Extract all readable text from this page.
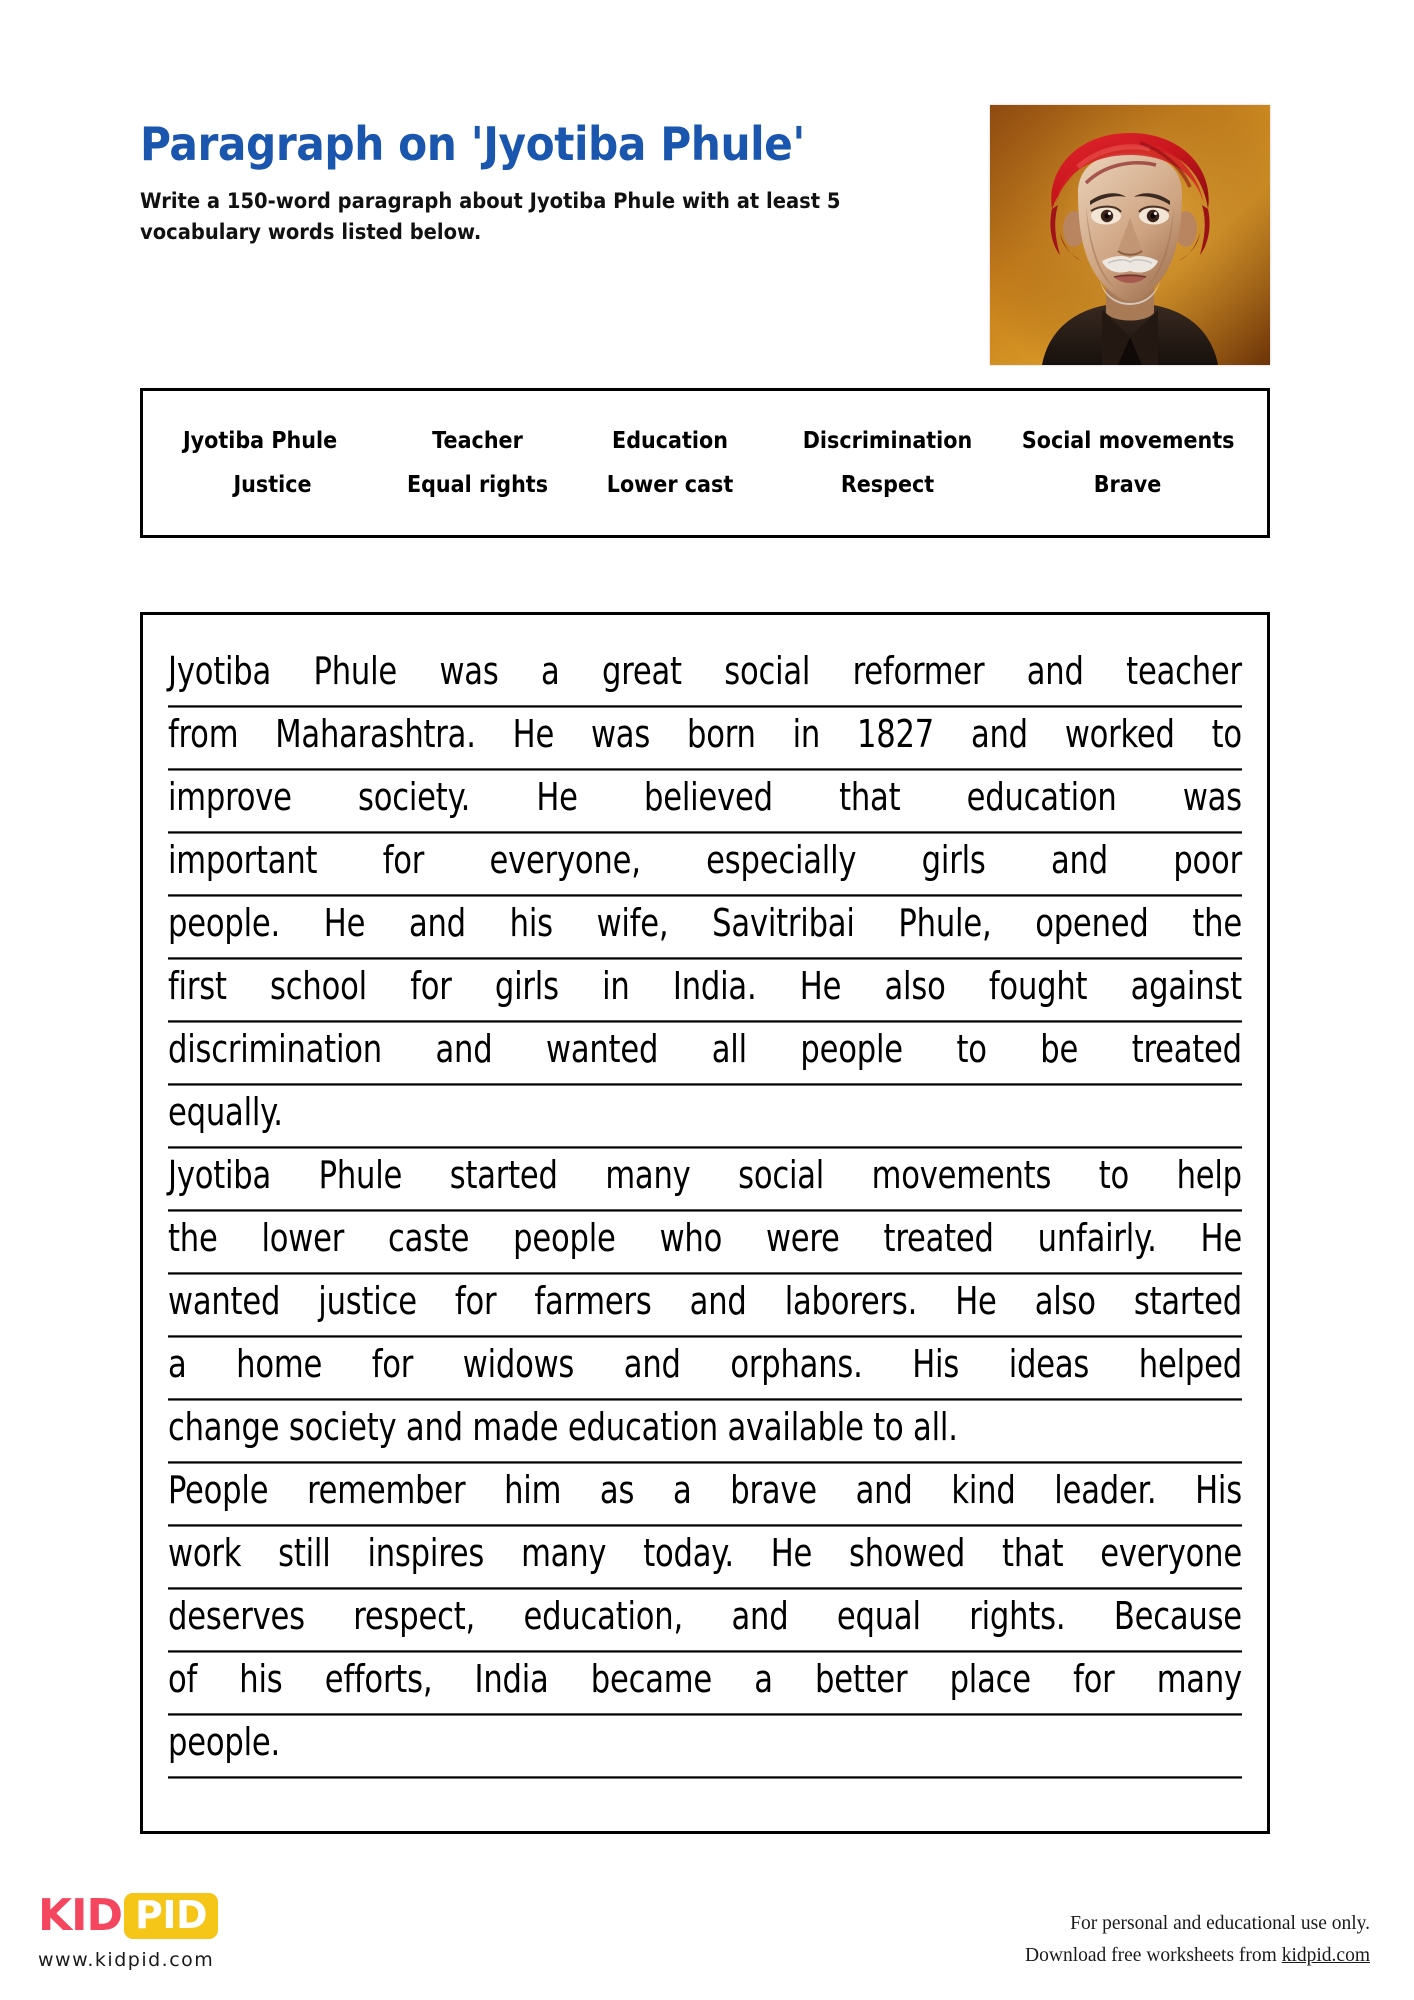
Paragraph on 'Jyotiba Phule'
Write a 150-word paragraph about Jyotiba Phule with at least 5 vocabulary words listed below.
Jyotiba Phule	Teacher	Education	Discrimination	Social movements
Justice	Equal rights	Lower cast	Respect	Brave
Jyotiba Phule was a great social reformer and teacher
from Maharashtra. He was born in 1827 and worked to
improve society. He believed that education was
important for everyone, especially girls and poor
people. He and his wife, Savitribai Phule, opened the
first school for girls in India. He also fought against
discrimination and wanted all people to be treated
equally.
Jyotiba Phule started many social movements to help
the lower caste people who were treated unfairly. He
wanted justice for farmers and laborers. He also started
a home for widows and orphans. His ideas helped
change society and made education available to all.
People remember him as a brave and kind leader. His
work still inspires many today. He showed that everyone
deserves respect, education, and equal rights. Because
of his efforts, India became a better place for many
people.
KID PID
www.kidpid.com
For personal and educational use only.
Download free worksheets from kidpid.com
